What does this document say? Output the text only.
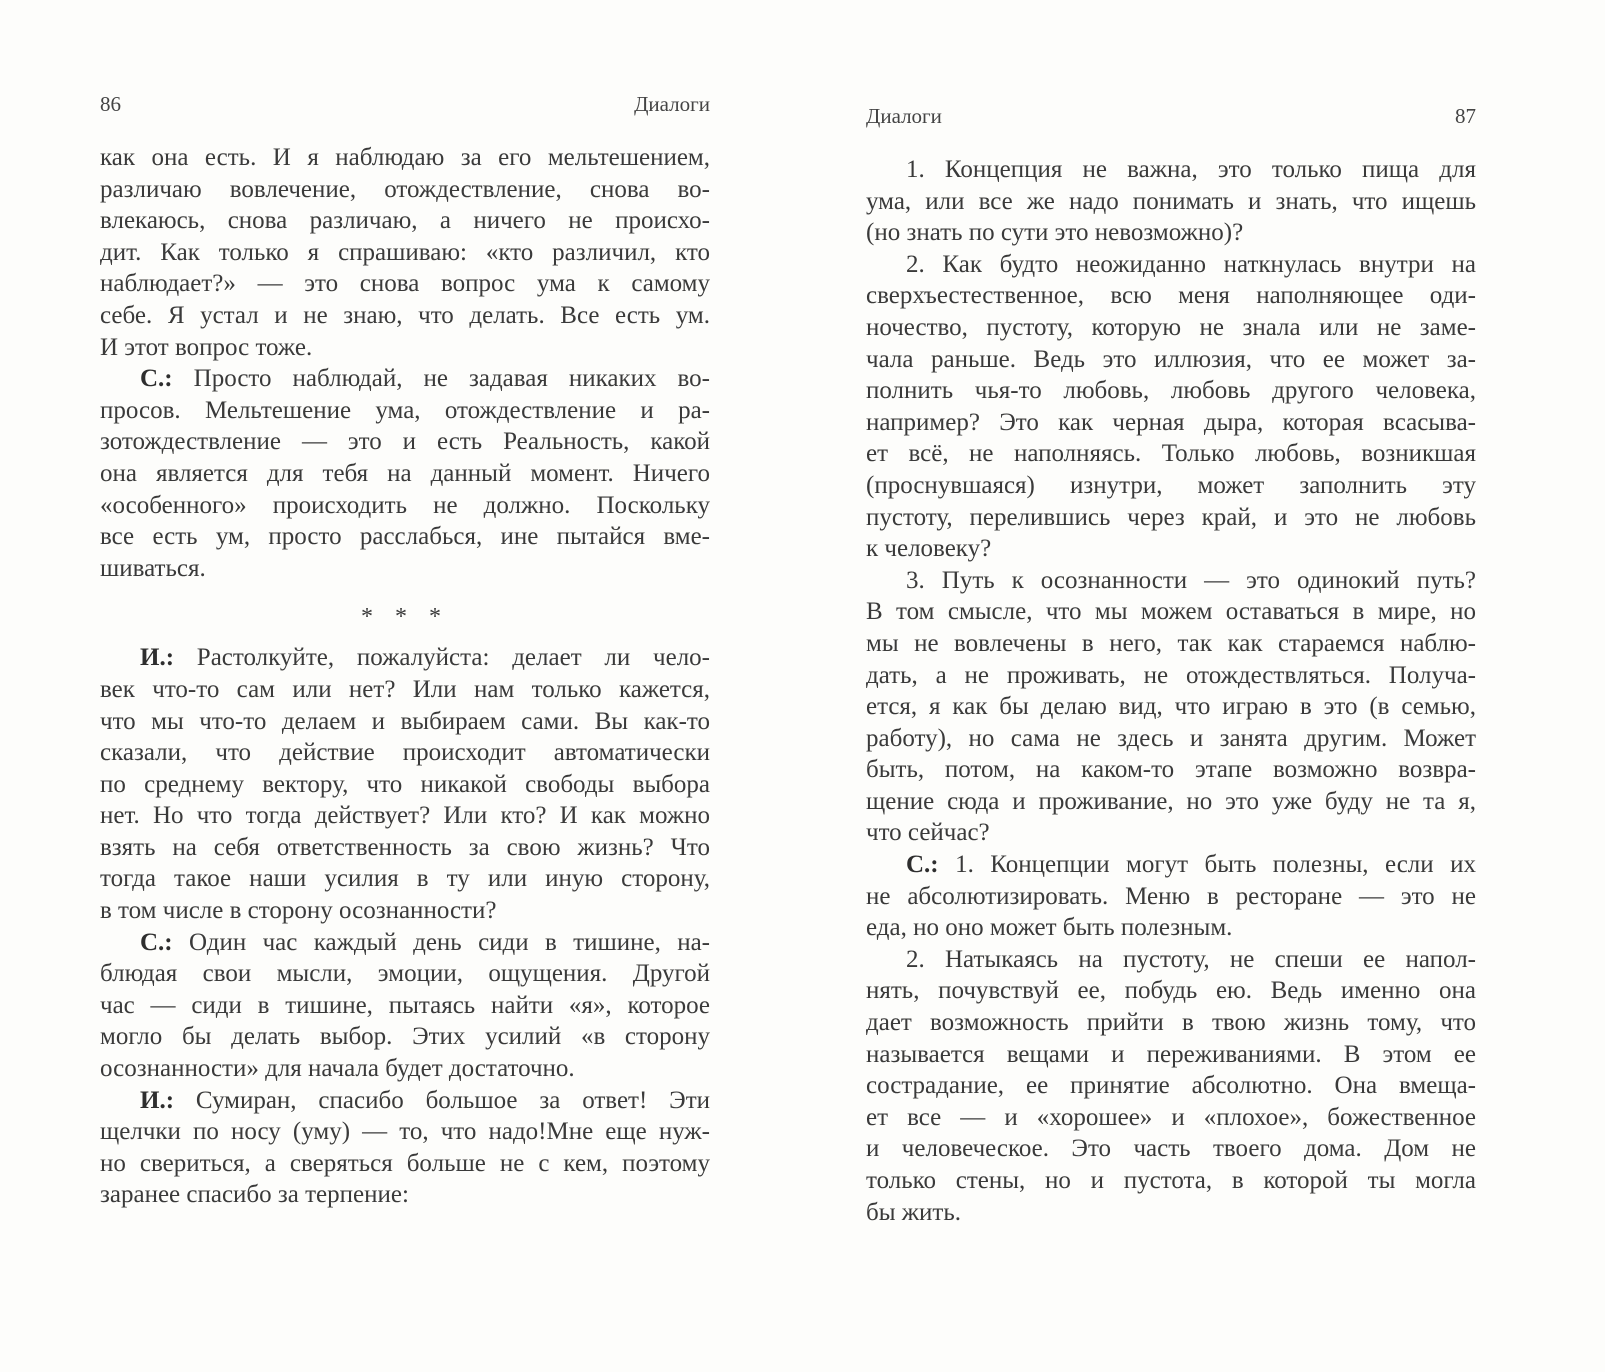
86	Диалоги
как она есть. И я наблюдаю за его мельтешением,
различаю вовлечение, отождествление, снова во-
влекаюсь, снова различаю, а ничего не происхо-
дит. Как только я спрашиваю: «кто различил, кто
наблюдает?» — это снова вопрос ума к самому
себе. Я устал и не знаю, что делать. Все есть ум.
И этот вопрос тоже.
С.: Просто наблюдай, не задавая никаких во-
просов. Мельтешение ума, отождествление и ра-
зотождествление — это и есть Реальность, какой
она является для тебя на данный момент. Ничего
«особенного» происходить не должно. Поскольку
все есть ум, просто расслабься, ине пытайся вме-
шиваться.
* * *
И.: Растолкуйте, пожалуйста: делает ли чело-
век что-то сам или нет? Или нам только кажется,
что мы что-то делаем и выбираем сами. Вы как-то
сказали, что действие происходит автоматически
по среднему вектору, что никакой свободы выбора
нет. Но что тогда действует? Или кто? И как можно
взять на себя ответственность за свою жизнь? Что
тогда такое наши усилия в ту или иную сторону,
в том числе в сторону осознанности?
С.: Один час каждый день сиди в тишине, на-
блюдая свои мысли, эмоции, ощущения. Другой
час — сиди в тишине, пытаясь найти «я», которое
могло бы делать выбор. Этих усилий «в сторону
осознанности» для начала будет достаточно.
И.: Сумиран, спасибо большое за ответ! Эти
щелчки по носу (уму) — то, что надо!Мне еще нуж-
но свериться, а сверяться больше не с кем, поэтому
заранее спасибо за терпение:
Диалоги	87
1. Концепция не важна, это только пища для
ума, или все же надо понимать и знать, что ищешь
(но знать по сути это невозможно)?
2. Как будто неожиданно наткнулась внутри на
сверхъестественное, всю меня наполняющее оди-
ночество, пустоту, которую не знала или не заме-
чала раньше. Ведь это иллюзия, что ее может за-
полнить чья-то любовь, любовь другого человека,
например? Это как черная дыра, которая всасыва-
ет всё, не наполняясь. Только любовь, возникшая
(проснувшаяся) изнутри, может заполнить эту
пустоту, перелившись через край, и это не любовь
к человеку?
3. Путь к осознанности — это одинокий путь?
В том смысле, что мы можем оставаться в мире, но
мы не вовлечены в него, так как стараемся наблю-
дать, а не проживать, не отождествляться. Получа-
ется, я как бы делаю вид, что играю в это (в семью,
работу), но сама не здесь и занята другим. Может
быть, потом, на каком-то этапе возможно возвра-
щение сюда и проживание, но это уже буду не та я,
что сейчас?
С.: 1. Концепции могут быть полезны, если их
не абсолютизировать. Меню в ресторане — это не
еда, но оно может быть полезным.
2. Натыкаясь на пустоту, не спеши ее напол-
нять, почувствуй ее, побудь ею. Ведь именно она
дает возможность прийти в твою жизнь тому, что
называется вещами и переживаниями. В этом ее
сострадание, ее принятие абсолютно. Она вмеща-
ет все — и «хорошее» и «плохое», божественное
и человеческое. Это часть твоего дома. Дом не
только стены, но и пустота, в которой ты могла
бы жить.
